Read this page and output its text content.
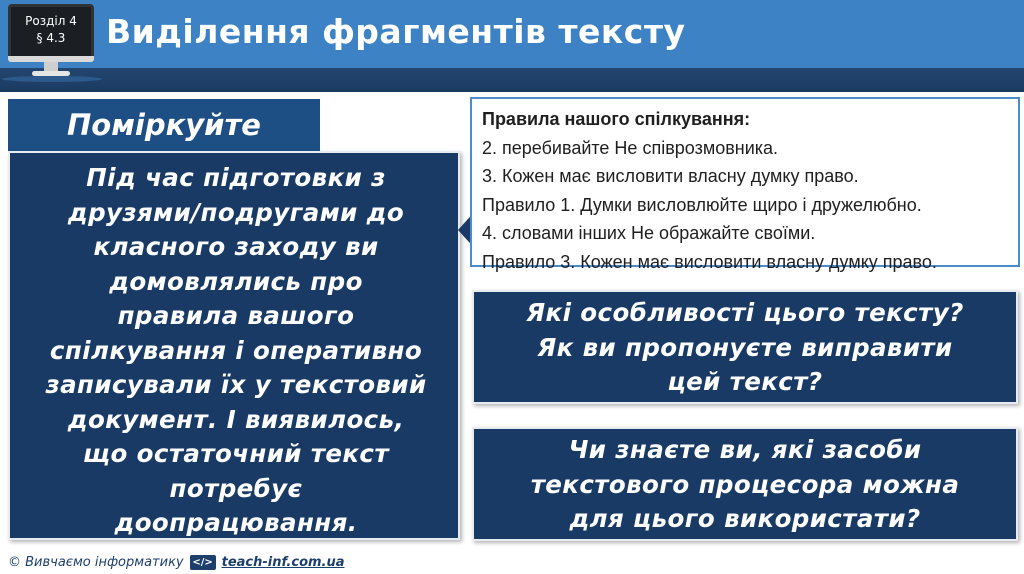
Розділ 4
§ 4.3	Виділення фрагментів тексту
Поміркуйте
Під час підготовки з
друзями/подругами до
класного заходу ви
домовлялись про
правила вашого
спілкування і оперативно
записували їх у текстовий
документ. І виявилось,
що остаточний текст
потребує
доопрацювання.
Правила нашого спілкування:
2. перебивайте Не співрозмовника.
3. Кожен має висловити власну думку право.
Правило 1. Думки висловлюйте щиро і дружелюбно.
4. словами інших Не ображайте своїми.
Правило 3. Кожен має висловити власну думку право.
Які особливості цього тексту?
Як ви пропонуєте виправити
цей текст?
Чи знаєте ви, які засоби
текстового процесора можна
для цього використати?
© Вивчаємо інформатику </> teach-inf.com.ua
